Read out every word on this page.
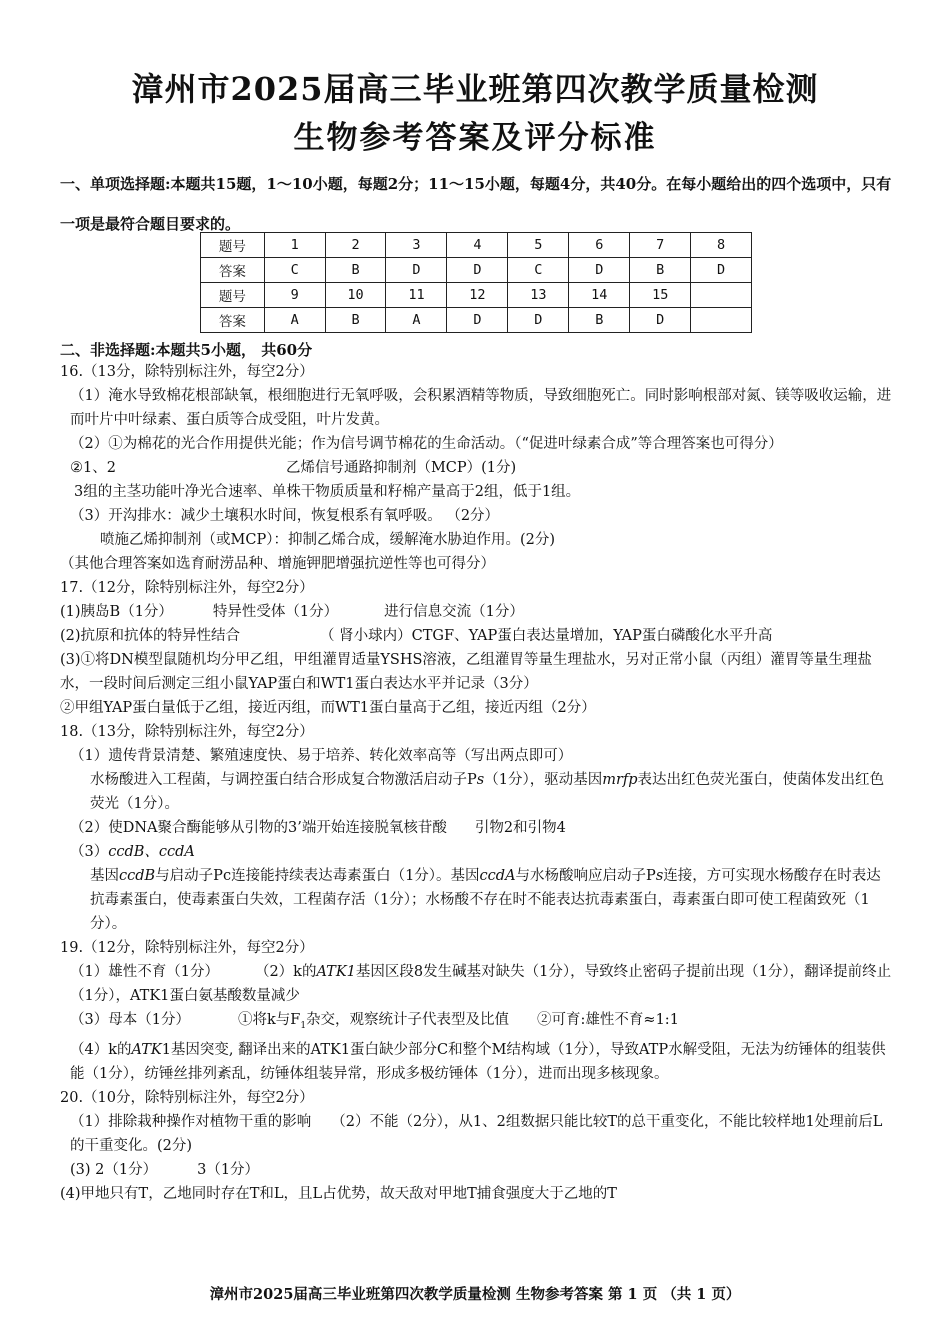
漳州市2025届高三毕业班第四次教学质量检测
生物参考答案及评分标准
一、单项选择题:本题共15题，1～10小题，每题2分；11～15小题，每题4分，共40分。在每小题给出的四个选项中，只有一项是最符合题目要求的。
题号	1	2	3	4	5	6	7	8
答案	C	B	D	D	C	D	B	D
题号	9	10	11	12	13	14	15	
答案	A	B	A	D	D	B	D	
二、非选择题:本题共5小题， 共60分
16.（13分，除特别标注外，每空2分）
（1）淹水导致棉花根部缺氧，根细胞进行无氧呼吸，会积累酒精等物质，导致细胞死亡。同时影响根部对氮、镁等吸收运输，进而叶片中叶绿素、蛋白质等合成受阻，叶片发黄。
（2）①为棉花的光合作用提供光能；作为信号调节棉花的生命活动。（“促进叶绿素合成”等合理答案也可得分）
②1、2	乙烯信号通路抑制剂（MCP）(1分)
3组的主茎功能叶净光合速率、单株干物质质量和籽棉产量高于2组，低于1组。
（3）开沟排水：减少土壤积水时间，恢复根系有氧呼吸。 （2分）
喷施乙烯抑制剂（或MCP）：抑制乙烯合成，缓解淹水胁迫作用。(2分)
（其他合理答案如选育耐涝品种、增施钾肥增强抗逆性等也可得分）
17.（12分，除特别标注外，每空2分）
(1)胰岛B（1分）	特异性受体（1分）	进行信息交流（1分）
(2)抗原和抗体的特异性结合	（ 肾小球内）CTGF、YAP蛋白表达量增加，YAP蛋白磷酸化水平升高
(3)①将DN模型鼠随机均分甲乙组，甲组灌胃适量YSHS溶液，乙组灌胃等量生理盐水，另对正常小鼠（丙组）灌胃等量生理盐水，一段时间后测定三组小鼠YAP蛋白和WT1蛋白表达水平并记录（3分）
②甲组YAP蛋白量低于乙组，接近丙组，而WT1蛋白量高于乙组，接近丙组（2分）
18.（13分，除特别标注外，每空2分）
（1）遗传背景清楚、繁殖速度快、易于培养、转化效率高等（写出两点即可）
水杨酸进入工程菌，与调控蛋白结合形成复合物激活启动子Ps（1分），驱动基因mrfp表达出红色荧光蛋白，使菌体发出红色荧光（1分）。
（2）使DNA聚合酶能够从引物的3’端开始连接脱氧核苷酸 引物2和引物4
（3）ccdB、ccdA
基因ccdB与启动子Pc连接能持续表达毒素蛋白（1分）。基因ccdA与水杨酸响应启动子Ps连接，方可实现水杨酸存在时表达抗毒素蛋白，使毒素蛋白失效，工程菌存活（1分）；水杨酸不存在时不能表达抗毒素蛋白，毒素蛋白即可使工程菌致死（1分）。
19.（12分，除特别标注外，每空2分）
（1）雄性不育（1分） （2）k的ATK1基因区段8发生碱基对缺失（1分），导致终止密码子提前出现（1分），翻译提前终止（1分），ATK1蛋白氨基酸数量减少
（3）母本（1分）	①将k与$F_1$杂交，观察统计子代表型及比值 ②可育:雄性不育≈1:1
（4）k的ATK1基因突变, 翻译出来的ATK1蛋白缺少部分C和整个M结构域（1分），导致ATP水解受阻，无法为纺锤体的组装供能（1分），纺锤丝排列紊乱，纺锤体组装异常，形成多极纺锤体（1分），进而出现多核现象。
20.（10分，除特别标注外，每空2分）
（1）排除栽种操作对植物干重的影响 （2）不能（2分），从1、2组数据只能比较T的总干重变化，不能比较样地1处理前后L的干重变化。(2分)
(3) 2（1分）	3（1分）
(4)甲地只有T，乙地同时存在T和L，且L占优势，故天敌对甲地T捕食强度大于乙地的T
漳州市2025届高三毕业班第四次教学质量检测 生物参考答案 第 1 页 （共 1 页）
